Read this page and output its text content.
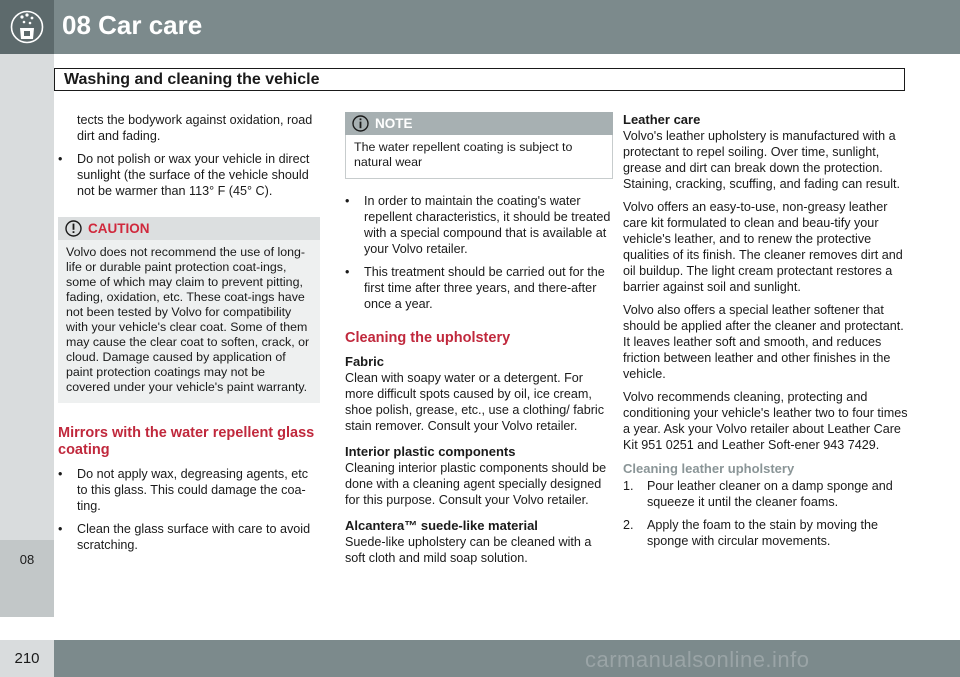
08 Car care
Washing and cleaning the vehicle
08
tects the bodywork against oxidation, road dirt and fading.
• Do not polish or wax your vehicle in direct sunlight (the surface of the vehicle should not be warmer than 113° F (45° C).
CAUTION
Volvo does not recommend the use of long-life or durable paint protection coat-ings, some of which may claim to prevent pitting, fading, oxidation, etc. These coat-ings have not been tested by Volvo for compatibility with your vehicle's clear coat. Some of them may cause the clear coat to soften, crack, or cloud. Damage caused by application of paint protection coatings may not be covered under your vehicle's paint warranty.
Mirrors with the water repellent glass coating
• Do not apply wax, degreasing agents, etc to this glass. This could damage the coa-ting.
• Clean the glass surface with care to avoid scratching.
NOTE
The water repellent coating is subject to natural wear
• In order to maintain the coating's water repellent characteristics, it should be treated with a special compound that is available at your Volvo retailer.
• This treatment should be carried out for the first time after three years, and there-after once a year.
Cleaning the upholstery
Fabric

Clean with soapy water or a detergent. For more difficult spots caused by oil, ice cream, shoe polish, grease, etc., use a clothing/ fabric stain remover. Consult your Volvo retailer.

Interior plastic components

Cleaning interior plastic components should be done with a cleaning agent specially designed for this purpose. Consult your Volvo retailer.

Alcantera™ suede-like material

Suede-like upholstery can be cleaned with a soft cloth and mild soap solution.

Leather care

Volvo's leather upholstery is manufactured with a protectant to repel soiling. Over time, sunlight, grease and dirt can break down the protection. Staining, cracking, scuffing, and fading can result.

Volvo offers an easy-to-use, non-greasy leather care kit formulated to clean and beau-tify your vehicle's leather, and to renew the protective qualities of its finish. The cleaner removes dirt and oil buildup. The light cream protectant restores a barrier against soil and sunlight.

Volvo also offers a special leather softener that should be applied after the cleaner and protectant. It leaves leather soft and smooth, and reduces friction between leather and other finishes in the vehicle.

Volvo recommends cleaning, protecting and conditioning your vehicle's leather two to four times a year. Ask your Volvo retailer about Leather Care Kit 951 0251 and Leather Soft-ener 943 7429.

Cleaning leather upholstery
1. Pour leather cleaner on a damp sponge and squeeze it until the cleaner foams.
2. Apply the foam to the stain by moving the sponge with circular movements.
210	carmanualsonline.info
